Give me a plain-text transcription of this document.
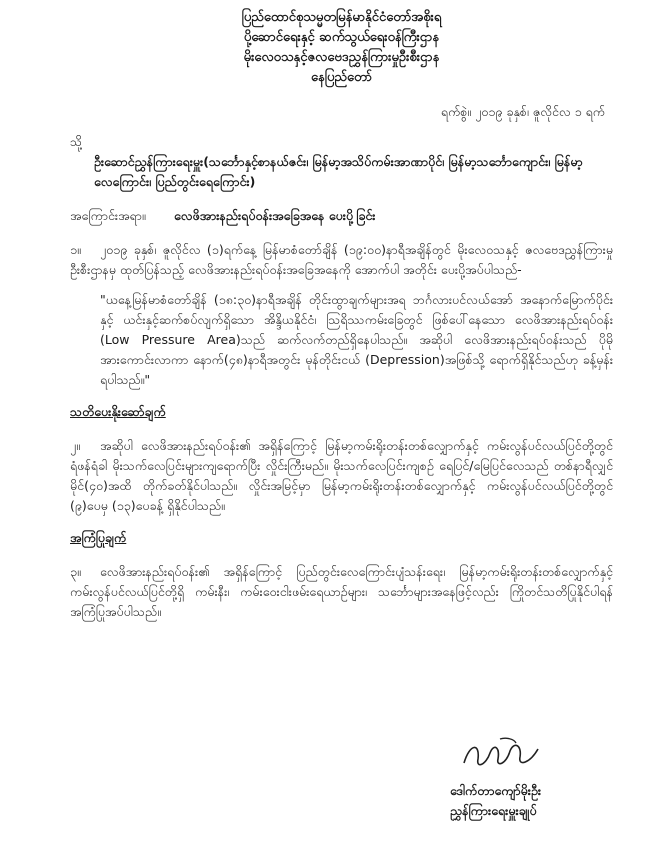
ပြည်ထောင်စုသမ္မတမြန်မာနိုင်ငံတော်အစိုးရ
ပို့ဆောင်ရေးနှင့် ဆက်သွယ်ရေးဝန်ကြီးဌာန
မိုးလေဝသနှင့်ဇလဗေဒညွှန်ကြားမှုဦးစီးဌာန
နေပြည်တော်
ရက်စွဲ။ ၂၀၁၉ ခုနှစ်၊ ဇူလိုင်လ ၁ ရက်
သို့
ဦးဆောင်ညွှန်ကြားရေးမှူး(သင်္ဘောနှင့်စာနယ်ဇင်း၊ မြန်မာ့အသိပ်ကမ်းအာဏာပိုင်၊ မြန်မာ့သင်္ဘောကျောင်း၊ မြန်မာ့လေကြောင်း၊ ပြည်တွင်းရေကြောင်း)
အကြောင်းအရာ။	လေဖိအားနည်းရပ်ဝန်းအခြေအနေ ပေးပို့ခြင်း
၁။ ၂၀၁၉ ခုနှစ်၊ ဇူလိုင်လ (၁)ရက်နေ့ မြန်မာစံတော်ချိန် (၁၉:၀၀)နာရီအချိန်တွင် မိုးလေဝသနှင့် ဇလဗေဒညွှန်ကြားမှုဦးစီးဌာနမှ ထုတ်ပြန်သည့် လေဖိအားနည်းရပ်ဝန်းအခြေအနေကို အောက်ပါ အတိုင်း ပေးပို့အပ်ပါသည်-
"ယနေ့မြန်မာစံတော်ချိန် (၁၈:၃၀)နာရီအချိန် တိုင်းထွာချက်များအရ ဘင်္ဂလားပင်လယ်အော် အနောက်မြောက်ပိုင်းနှင့် ယင်းနှင့်ဆက်စပ်လျက်ရှိသော အိန္ဒိယနိုင်ငံ၊ ဩရိဿကမ်းခြေတွင် ဖြစ်ပေါ်နေသော လေဖိအားနည်းရပ်ဝန်း (Low Pressure Area)သည် ဆက်လက်တည်ရှိနေပါသည်။ အဆိုပါ လေဖိအားနည်းရပ်ဝန်းသည် ပိုမိုအားကောင်းလာကာ နောက်(၄၈)နာရီအတွင်း မုန်တိုင်းငယ် (Depression)အဖြစ်သို့ ရောက်ရှိနိုင်သည်ဟု ခန့်မှန်းရပါသည်။"
သတိပေးနိုးဆော်ချက်
၂။ အဆိုပါ လေဖိအားနည်းရပ်ဝန်း၏ အရှိန်ကြောင့် မြန်မာ့ကမ်းရိုးတန်းတစ်လျှောက်နှင့် ကမ်းလွန်ပင်လယ်ပြင်တို့တွင် ရံဖန်ရံခါ မိုးသက်လေပြင်းများကျရောက်ပြီး လှိုင်းကြီးမည်။ မိုးသက်လေပြင်းကျစဉ် ရေပြင်/မြေပြင်လေသည် တစ်နာရီလျှင် မိုင်(၄၀)အထိ တိုက်ခတ်နိုင်ပါသည်။ လှိုင်းအမြင့်မှာ မြန်မာ့ကမ်းရိုးတန်းတစ်လျှောက်နှင့် ကမ်းလွန်ပင်လယ်ပြင်တို့တွင် (၉)ပေမှ (၁၃)ပေခန့် ရှိနိုင်ပါသည်။
အကြံပြုချက်
၃။ လေဖိအားနည်းရပ်ဝန်း၏ အရှိန်ကြောင့် ပြည်တွင်းလေကြောင်းပျံသန်းရေး၊ မြန်မာ့ကမ်းရိုးတန်းတစ်လျှောက်နှင့် ကမ်းလွန်ပင်လယ်ပြင်တို့ရှိ ကမ်းနီး၊ ကမ်းဝေးငါးဖမ်းရေယာဉ်များ၊ သင်္ဘောများအနေဖြင့်လည်း ကြိုတင်သတိပြုနိုင်ပါရန် အကြံပြုအပ်ပါသည်။
ဒေါက်တာကျော်မိုးဦး
ညွှန်ကြားရေးမှူးချုပ်
